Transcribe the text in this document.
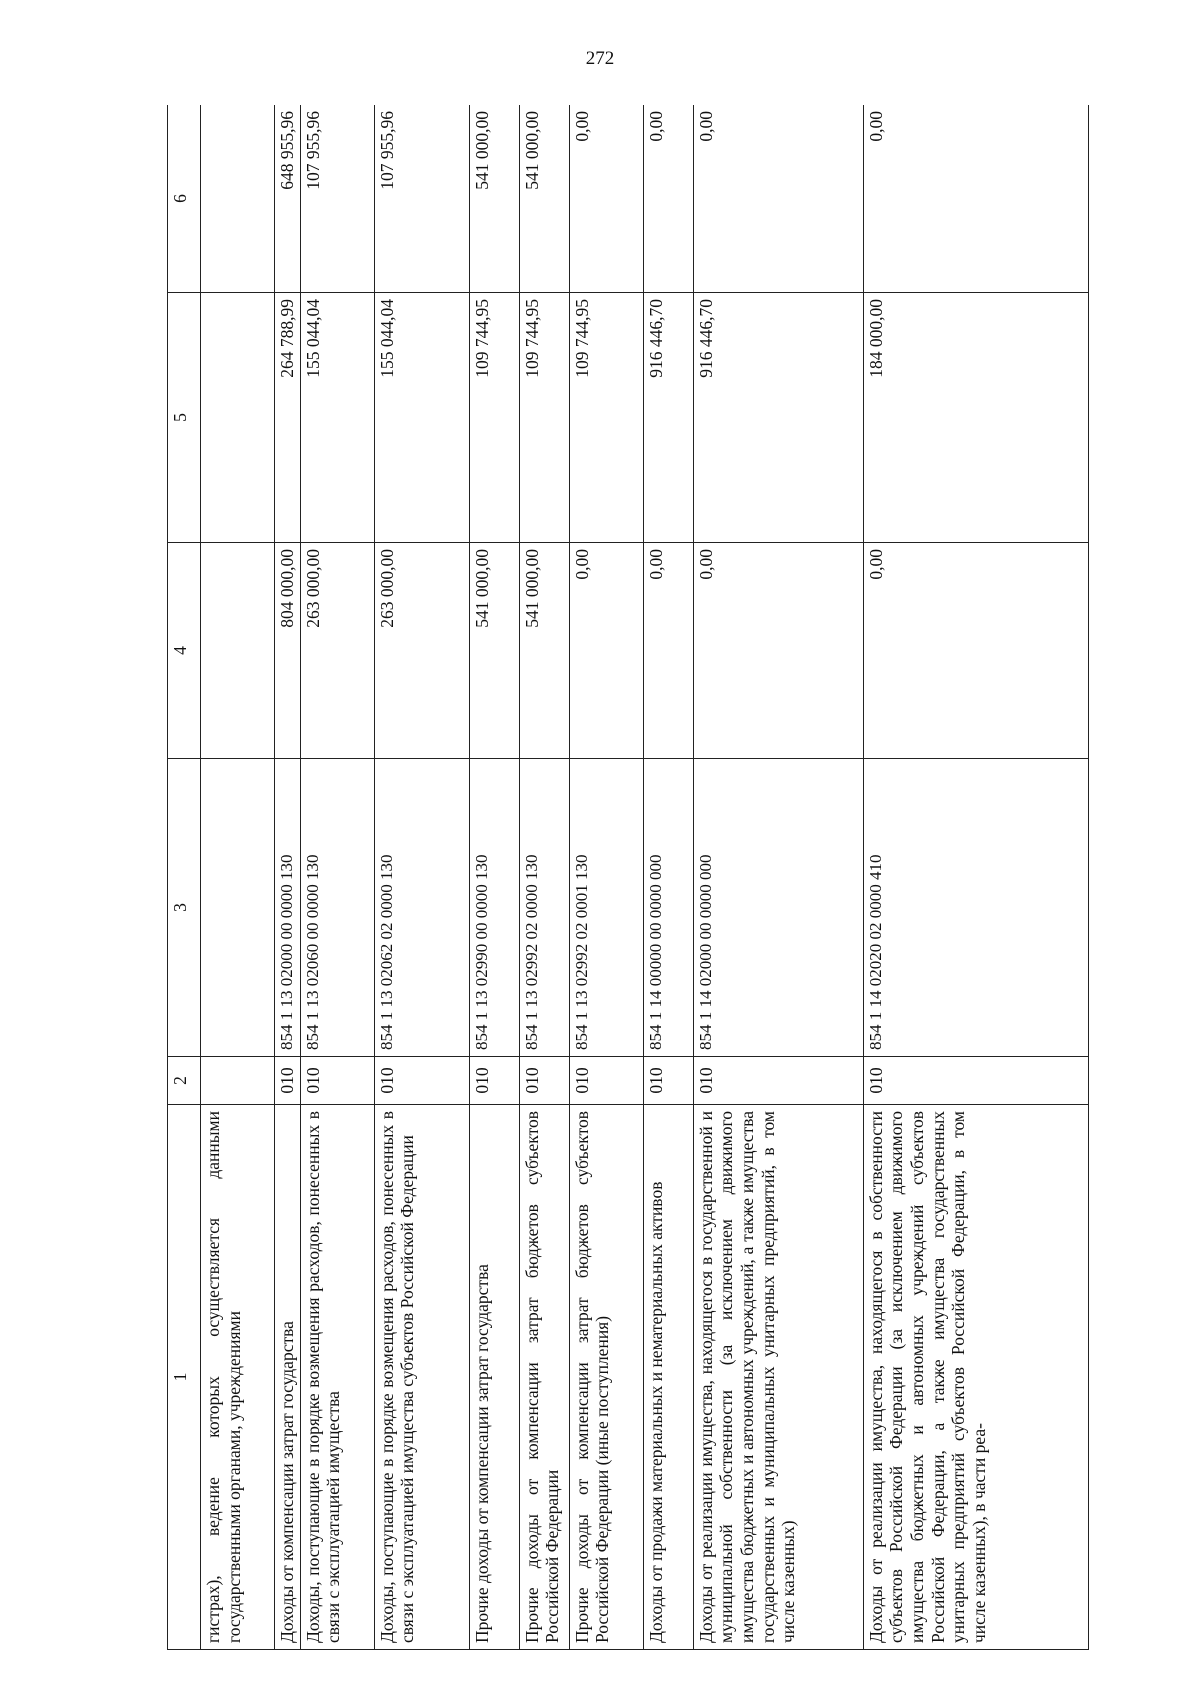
272
1	2	3	4	5	6
гистрах), ведение которых осуществляется данными государственными органами, учреждениями					
Доходы от компенсации затрат государства	010	854 1 13 02000 00 0000 130	804 000,00	264 788,99	648 955,96
Доходы, поступающие в порядке возмещения расходов, понесенных в связи с эксплуатацией имущества	010	854 1 13 02060 00 0000 130	263 000,00	155 044,04	107 955,96
Доходы, поступающие в порядке возмещения расходов, понесенных в связи с эксплуатацией имущества субъектов Российской Федерации	010	854 1 13 02062 02 0000 130	263 000,00	155 044,04	107 955,96
Прочие доходы от компенсации затрат государства	010	854 1 13 02990 00 0000 130	541 000,00	109 744,95	541 000,00
Прочие доходы от компенсации затрат бюджетов субъектов Российской Федерации	010	854 1 13 02992 02 0000 130	541 000,00	109 744,95	541 000,00
Прочие доходы от компенсации затрат бюджетов субъектов Российской Федерации (иные поступления)	010	854 1 13 02992 02 0001 130	0,00	109 744,95	0,00
Доходы от продажи материальных и нематериальных активов	010	854 1 14 00000 00 0000 000	0,00	916 446,70	0,00
Доходы от реализации имущества, находящегося в государственной и муниципальной собственности (за исключением движимого имущества бюджетных и автономных учреждений, а также имущества государственных и муниципальных унитарных предприятий, в том числе казенных)	010	854 1 14 02000 00 0000 000	0,00	916 446,70	0,00
Доходы от реализации имущества, находящегося в собственности субъектов Российской Федерации (за исключением движимого имущества бюджетных и автономных учреждений субъектов Российской Федерации, а также имущества государственных унитарных предприятий субъектов Российской Федерации, в том числе казенных), в части реа-	010	854 1 14 02020 02 0000 410	0,00	184 000,00	0,00
